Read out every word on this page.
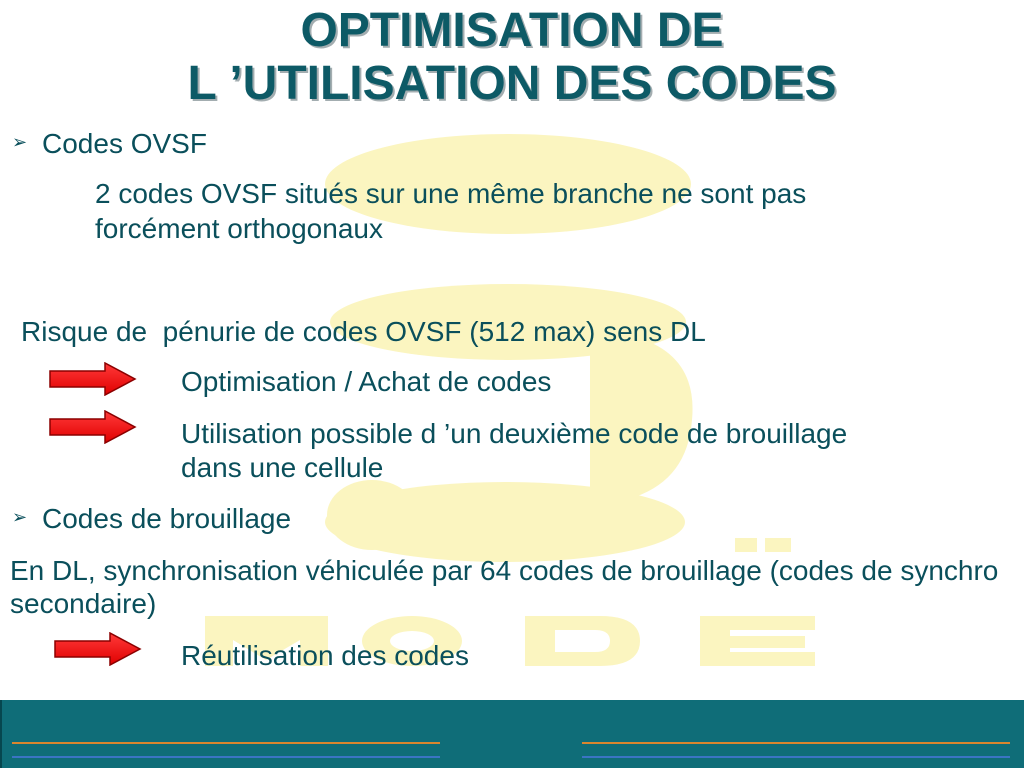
OPTIMISATION DE
L ’UTILISATION DES CODES
➢ Codes OVSF
2 codes OVSF situés sur une même branche ne sont pas
forcément orthogonaux
Risque de  pénurie de codes OVSF (512 max) sens DL
Optimisation / Achat de codes
Utilisation possible d ’un deuxième code de brouillage
dans une cellule
➢ Codes de brouillage
En DL, synchronisation véhiculée par 64 codes de brouillage (codes de synchro
secondaire)
Réutilisation des codes
